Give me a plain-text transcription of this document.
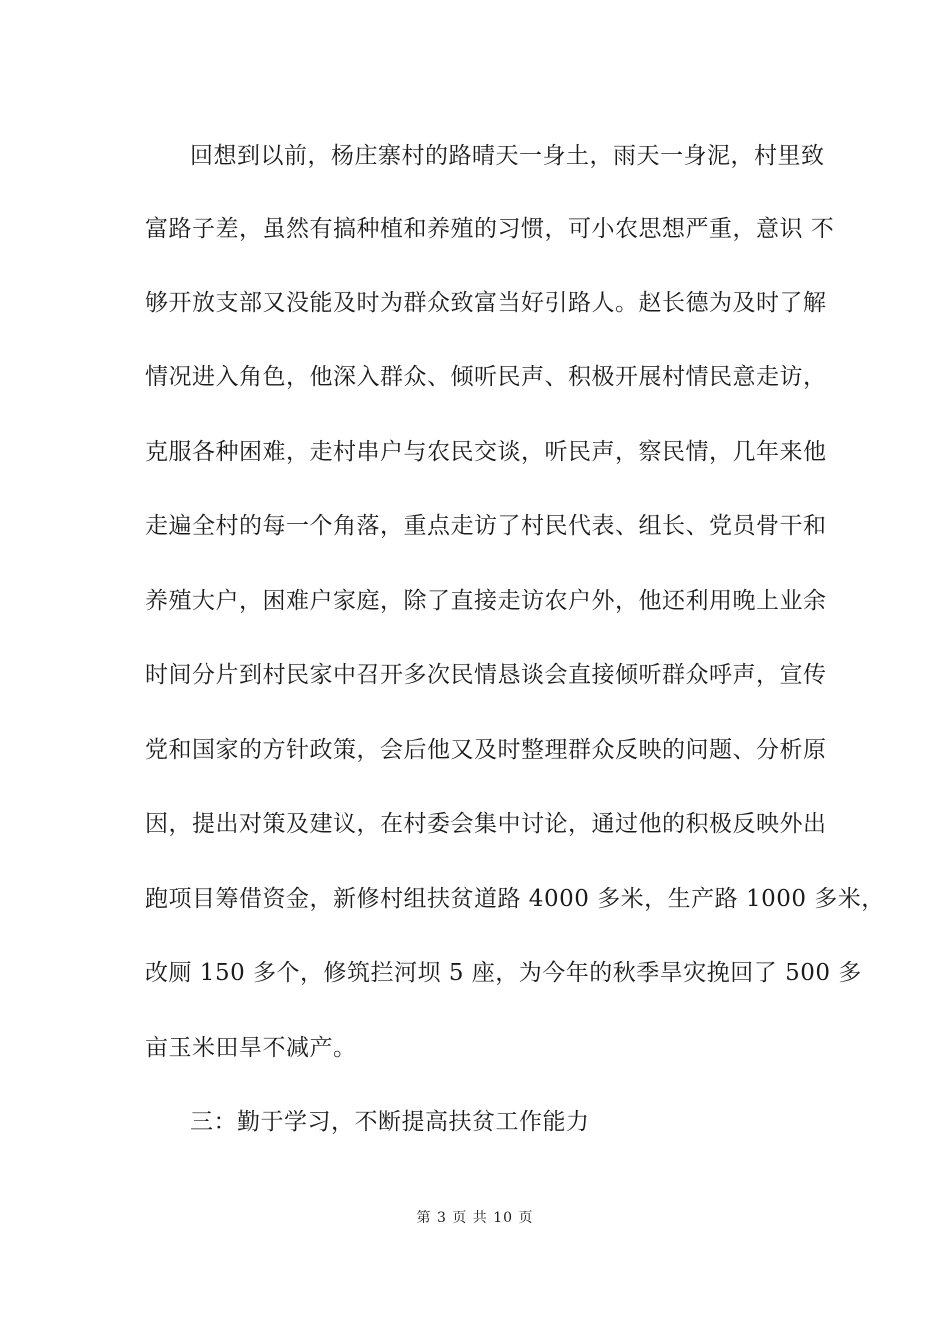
回想到以前，杨庄寨村的路晴天一身土，雨天一身泥，村里致
富路子差，虽然有搞种植和养殖的习惯，可小农思想严重，意识 不
够开放支部又没能及时为群众致富当好引路人。赵长德为及时了解
情况进入角色，他深入群众、倾听民声、积极开展村情民意走访，
克服各种困难，走村串户与农民交谈，听民声，察民情，几年来他
走遍全村的每一个角落，重点走访了村民代表、组长、党员骨干和
养殖大户，困难户家庭，除了直接走访农户外，他还利用晚上业余
时间分片到村民家中召开多次民情恳谈会直接倾听群众呼声，宣传
党和国家的方针政策，会后他又及时整理群众反映的问题、分析原
因，提出对策及建议，在村委会集中讨论，通过他的积极反映外出
跑项目筹借资金，新修村组扶贫道路 4000 多米，生产路 1000 多米，
改厕 150 多个，修筑拦河坝 5 座，为今年的秋季旱灾挽回了 500 多
亩玉米田旱不减产。
三：勤于学习，不断提高扶贫工作能力
第 3 页 共 10 页
